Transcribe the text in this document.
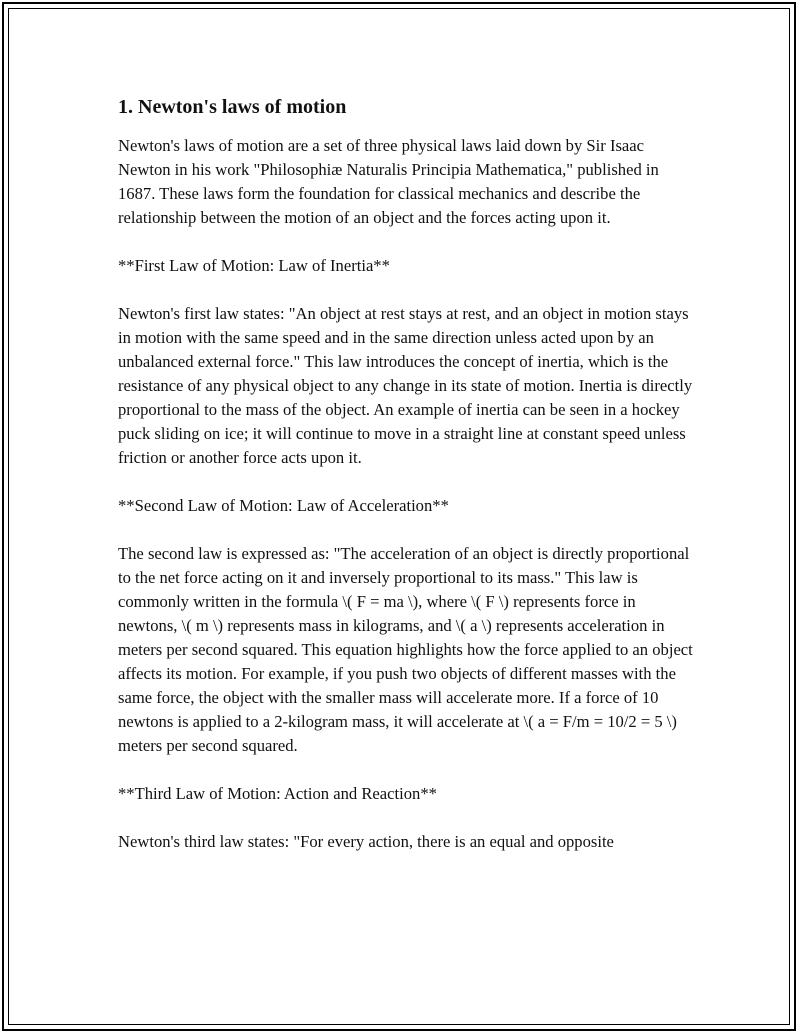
1. Newton's laws of motion

Newton's laws of motion are a set of three physical laws laid down by Sir Isaac Newton in his work "Philosophiæ Naturalis Principia Mathematica," published in 1687. These laws form the foundation for classical mechanics and describe the relationship between the motion of an object and the forces acting upon it.

**First Law of Motion: Law of Inertia**

Newton's first law states: "An object at rest stays at rest, and an object in motion stays in motion with the same speed and in the same direction unless acted upon by an unbalanced external force." This law introduces the concept of inertia, which is the resistance of any physical object to any change in its state of motion. Inertia is directly proportional to the mass of the object. An example of inertia can be seen in a hockey puck sliding on ice; it will continue to move in a straight line at constant speed unless friction or another force acts upon it.

**Second Law of Motion: Law of Acceleration**

The second law is expressed as: "The acceleration of an object is directly proportional to the net force acting on it and inversely proportional to its mass." This law is commonly written in the formula \( F = ma \), where \( F \) represents force in newtons, \( m \) represents mass in kilograms, and \( a \) represents acceleration in meters per second squared. This equation highlights how the force applied to an object affects its motion. For example, if you push two objects of different masses with the same force, the object with the smaller mass will accelerate more. If a force of 10 newtons is applied to a 2-kilogram mass, it will accelerate at \( a = F/m = 10/2 = 5 \) meters per second squared.

**Third Law of Motion: Action and Reaction**

Newton's third law states: "For every action, there is an equal and opposite
